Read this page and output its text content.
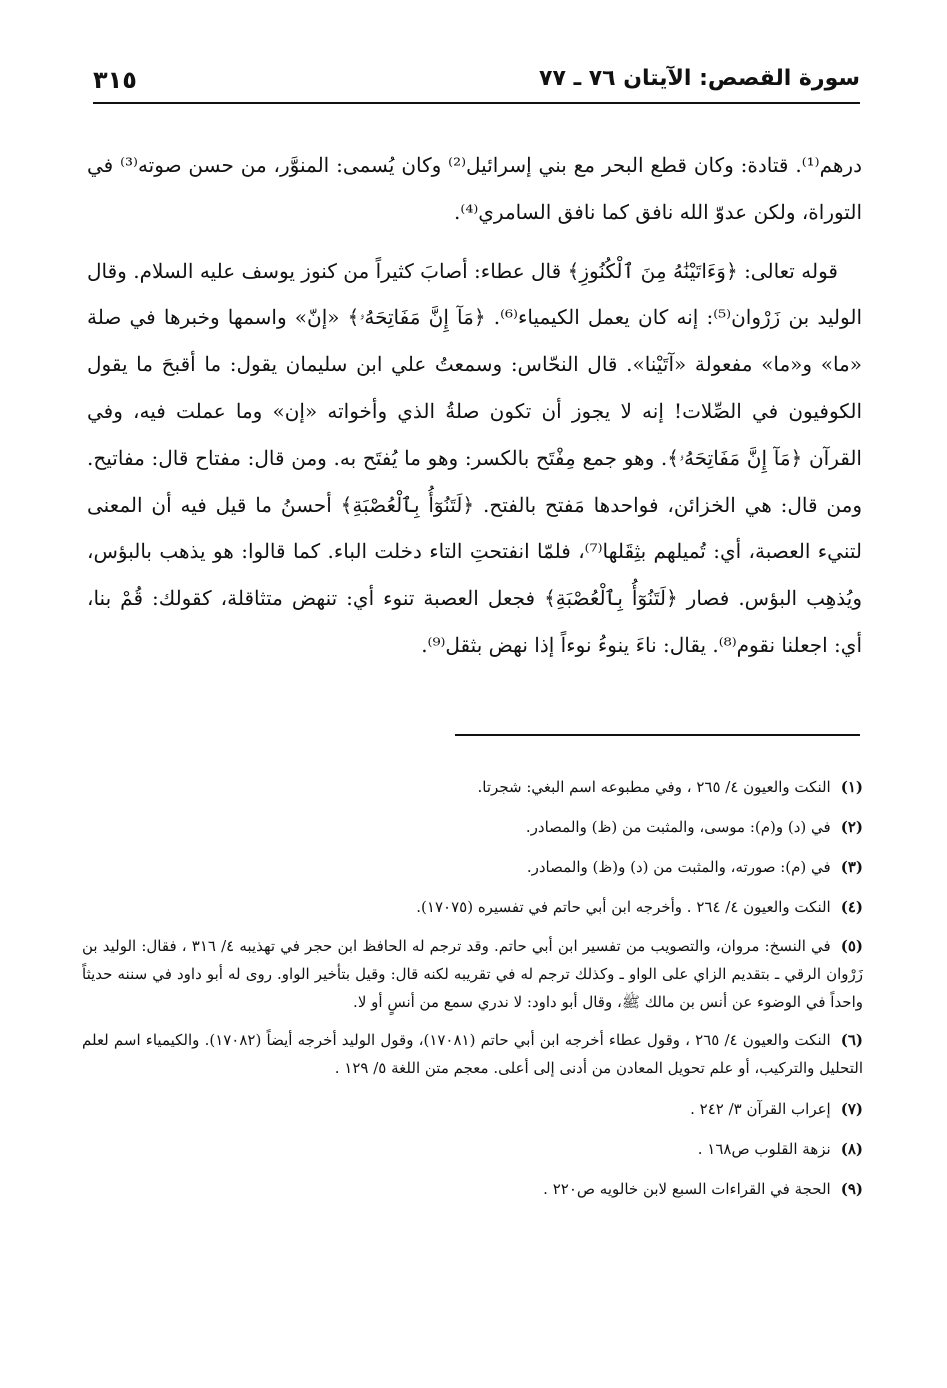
سورة القصص: الآيتان ٧٦ ـ ٧٧
٣١٥

درهم⁽¹⁾. قتادة: وكان قطع البحر مع بني إسرائيل⁽²⁾ وكان يُسمى: المنوَّر، من حسن صوته⁽³⁾ في التوراة، ولكن عدوّ الله نافق كما نافق السامري⁽⁴⁾.

قوله تعالى: ﴿وَءَاتَيْنَٰهُ مِنَ ٱلْكُنُوزِ﴾ قال عطاء: أصابَ كثيراً من كنوز يوسف عليه السلام. وقال الوليد بن زَرْوان⁽⁵⁾: إنه كان يعمل الكيمياء⁽⁶⁾. ﴿مَآ إِنَّ مَفَاتِحَهُۥ﴾ «إنّ» واسمها وخبرها في صلة «ما» و«ما» مفعولة «آتَيْنا». قال النحّاس: وسمعتُ علي ابن سليمان يقول: ما أقبحَ ما يقول الكوفيون في الصِّلات! إنه لا يجوز أن تكون صلةُ الذي وأخواته «إن» وما عملت فيه، وفي القرآن ﴿مَآ إِنَّ مَفَاتِحَهُۥ﴾. وهو جمع مِفْتَح بالكسر: وهو ما يُفتَح به. ومن قال: مفتاح قال: مفاتيح. ومن قال: هي الخزائن، فواحدها مَفتح بالفتح. ﴿لَتَنُوٓأُ بِٱلْعُصْبَةِ﴾ أحسنُ ما قيل فيه أن المعنى لتنيء العصبة، أي: تُميلهم بثِقَلها⁽⁷⁾، فلمّا انفتحتِ التاء دخلت الباء. كما قالوا: هو يذهب بالبؤس، ويُذهِب البؤس. فصار ﴿لَتَنُوٓأُ بِٱلْعُصْبَةِ﴾ فجعل العصبة تنوء أي: تنهض متثاقلة، كقولك: قُمْ بنا، أي: اجعلنا نقوم⁽⁸⁾. يقال: ناءَ ينوءُ نوءاً إذا نهض بثقل⁽⁹⁾.

(١)النكت والعيون ٤/ ٢٦٥ ، وفي مطبوعه اسم البغي: شجرتا.

(٢)في (د) و(م): موسى، والمثبت من (ظ) والمصادر.

(٣)في (م): صورته، والمثبت من (د) و(ظ) والمصادر.

(٤)النكت والعيون ٤/ ٢٦٤ . وأخرجه ابن أبي حاتم في تفسيره (١٧٠٧٥).

(٥)في النسخ: مروان، والتصويب من تفسير ابن أبي حاتم. وقد ترجم له الحافظ ابن حجر في تهذيبه ٤/ ٣١٦ ، فقال: الوليد بن زَرْوان الرقي ـ بتقديم الزاي على الواو ـ وكذلك ترجم له في تقريبه لكنه قال: وقيل بتأخير الواو. روى له أبو داود في سننه حديثاً واحداً في الوضوء عن أنس بن مالك ﷺ، وقال أبو داود: لا ندري سمع من أنسٍ أو لا.

(٦)النكت والعيون ٤/ ٢٦٥ ، وقول عطاء أخرجه ابن أبي حاتم (١٧٠٨١)، وقول الوليد أخرجه أيضاً (١٧٠٨٢). والكيمياء اسم لعلم التحليل والتركيب، أو علم تحويل المعادن من أدنى إلى أعلى. معجم متن اللغة ٥/ ١٢٩ .

(٧)إعراب القرآن ٣/ ٢٤٢ .

(٨)نزهة القلوب ص١٦٨ .

(٩)الحجة في القراءات السبع لابن خالويه ص٢٢٠ .
